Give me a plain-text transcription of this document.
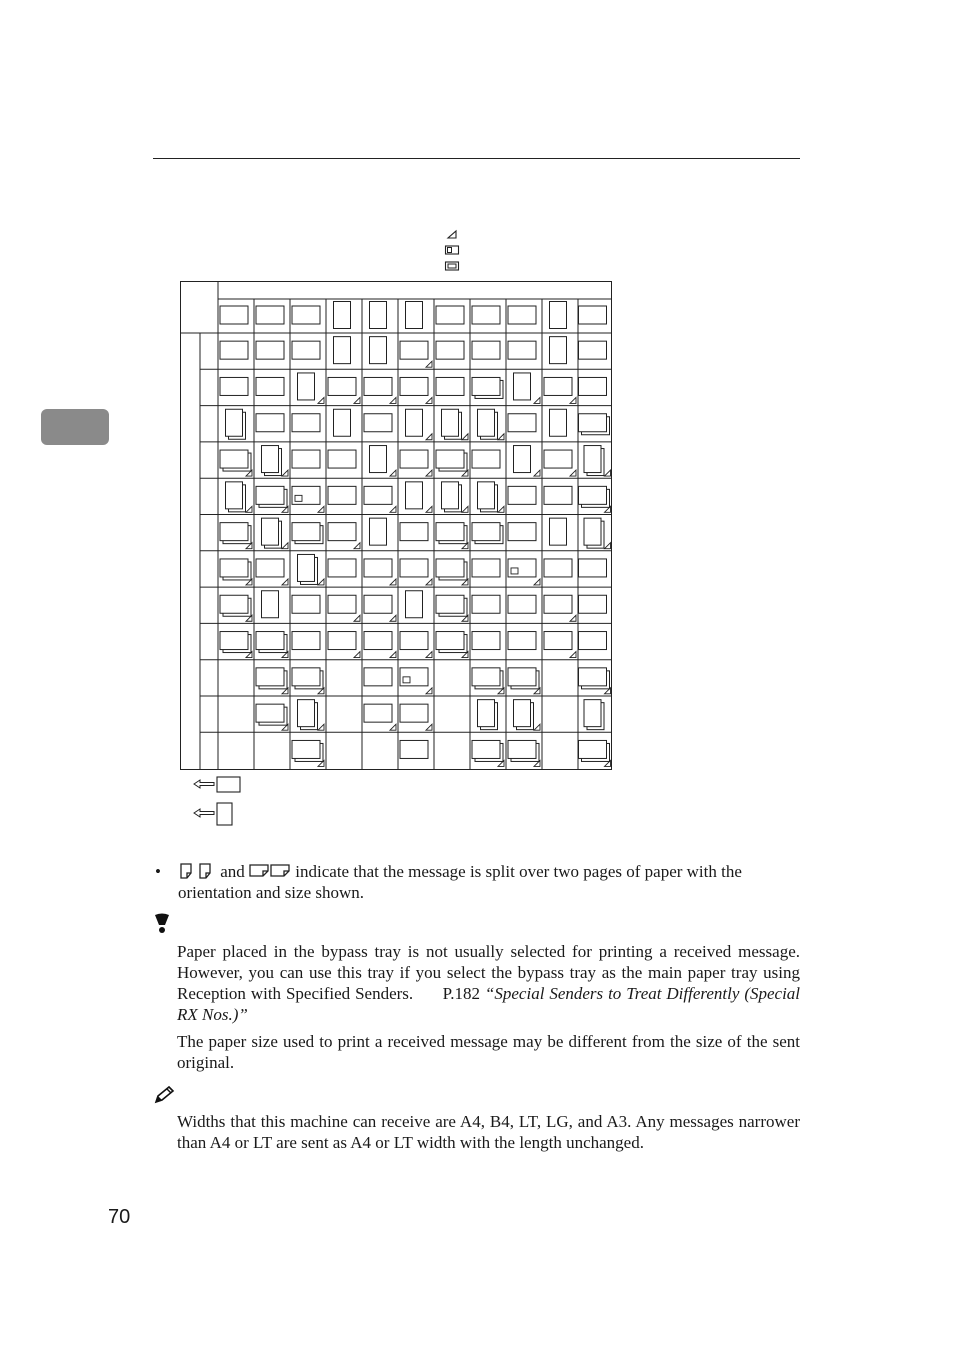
•	and	indicate that the message is split over two pages of paper with the orientation and size shown.

Paper placed in the bypass tray is not usually selected for printing a received message. However, you can use this tray if you select the bypass tray as the main paper tray using Reception with Specified Senders. P.182 “Special Senders to Treat Differently (Special RX Nos.)”

The paper size used to print a received message may be different from the size of the sent original.

Widths that this machine can receive are A4, B4, LT, LG, and A3. Any messages narrower than A4 or LT are sent as A4 or LT width with the length unchanged.

70
